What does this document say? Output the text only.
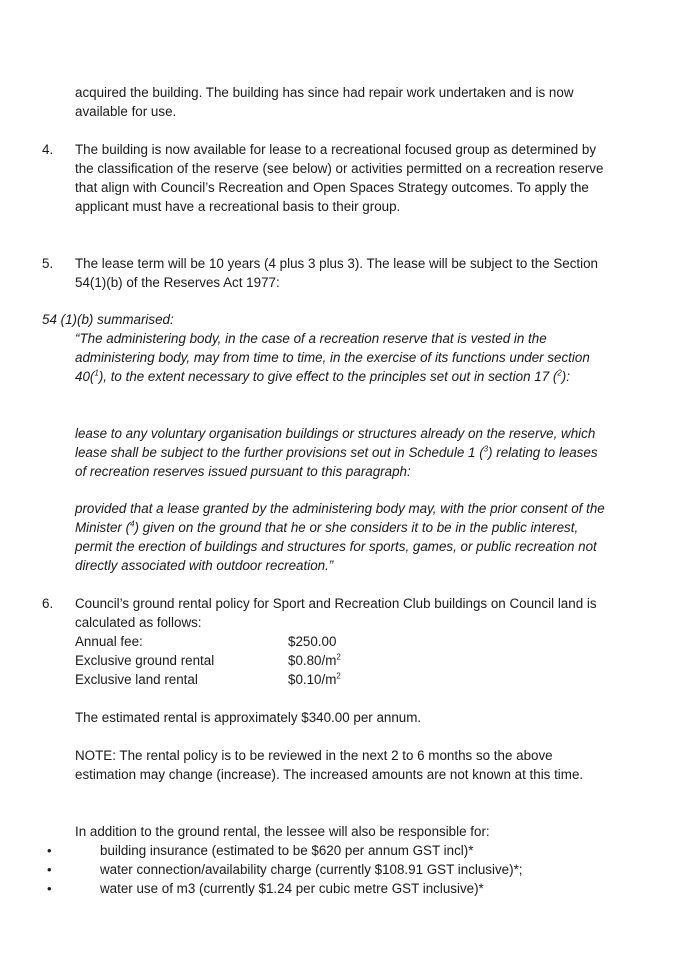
acquired the building. The building has since had repair work undertaken and is now available for use.

4. The building is now available for lease to a recreational focused group as determined by the classification of the reserve (see below) or activities permitted on a recreation reserve that align with Council’s Recreation and Open Spaces Strategy outcomes. To apply the applicant must have a recreational basis to their group.

5. The lease term will be 10 years (4 plus 3 plus 3). The lease will be subject to the Section 54(1)(b) of the Reserves Act 1977:

54 (1)(b) summarised:

“The administering body, in the case of a recreation reserve that is vested in the administering body, may from time to time, in the exercise of its functions under section 40($^1$), to the extent necessary to give effect to the principles set out in section 17 ($^2$):

lease to any voluntary organisation buildings or structures already on the reserve, which lease shall be subject to the further provisions set out in Schedule 1 ($^3$) relating to leases of recreation reserves issued pursuant to this paragraph:

provided that a lease granted by the administering body may, with the prior consent of the Minister ($^4$) given on the ground that he or she considers it to be in the public interest, permit the erection of buildings and structures for sports, games, or public recreation not directly associated with outdoor recreation.”

6. Council’s ground rental policy for Sport and Recreation Club buildings on Council land is calculated as follows:

Annual fee:	$250.00
Exclusive ground rental	$\$0.80/m^2$
Exclusive land rental	$\$0.10/m^2$

The estimated rental is approximately $340.00 per annum.

NOTE: The rental policy is to be reviewed in the next 2 to 6 months so the above estimation may change (increase). The increased amounts are not known at this time.

In addition to the ground rental, the lessee will also be responsible for:

•	building insurance (estimated to be $620 per annum GST incl)*
•	water connection/availability charge (currently $108.91 GST inclusive)*;
•	water use of m3 (currently $1.24 per cubic metre GST inclusive)*
